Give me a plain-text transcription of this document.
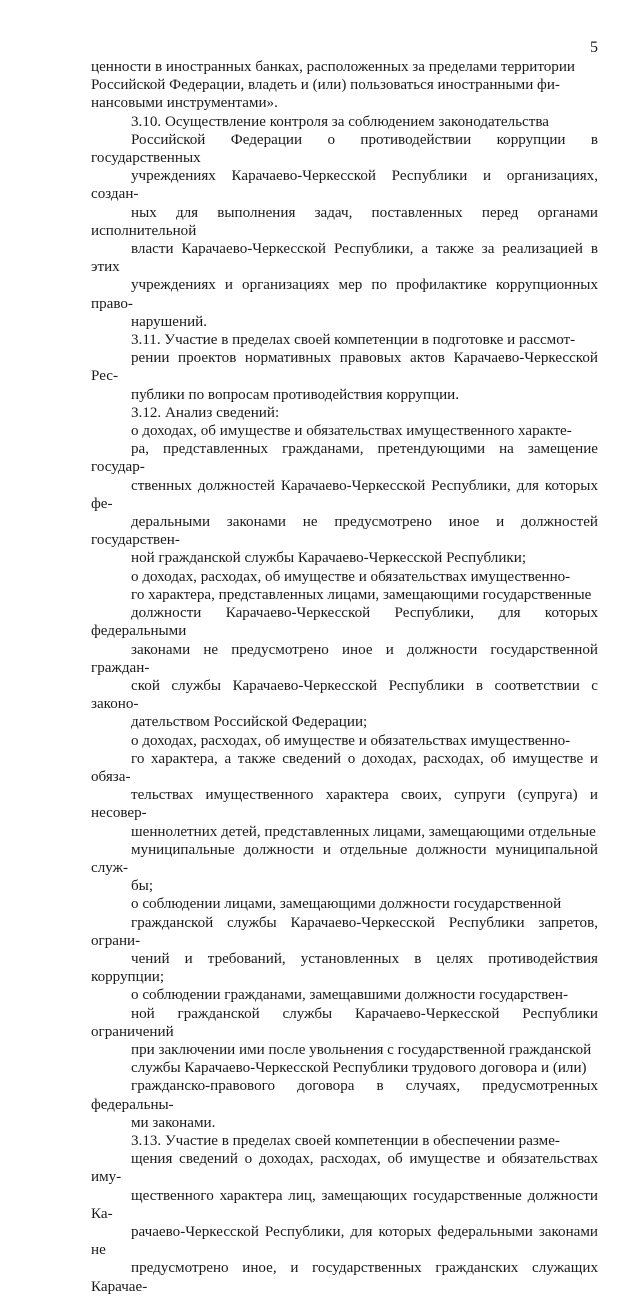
5

ценности в иностранных банках, расположенных за пределами территории
Российской Федерации, владеть и (или) пользоваться иностранными фи-
нансовыми инструментами».

3.10. Осуществление контроля за соблюдением законодательства
Российской Федерации о противодействии коррупции в государственных
учреждениях Карачаево-Черкесской Республики и организациях, создан-
ных для выполнения задач, поставленных перед органами исполнительной
власти Карачаево-Черкесской Республики, а также за реализацией в этих
учреждениях и организациях мер по профилактике коррупционных право-
нарушений.

3.11. Участие в пределах своей компетенции в подготовке и рассмот-
рении проектов нормативных правовых актов Карачаево-Черкесской Рес-
публики по вопросам противодействия коррупции.

3.12. Анализ сведений:

о доходах, об имуществе и обязательствах имущественного характе-
ра, представленных гражданами, претендующими на замещение государ-
ственных должностей Карачаево-Черкесской Республики, для которых фе-
деральными законами не предусмотрено иное и должностей государствен-
ной гражданской службы Карачаево-Черкесской Республики;

о доходах, расходах, об имуществе и обязательствах имущественно-
го характера, представленных лицами, замещающими государственные
должности Карачаево-Черкесской Республики, для которых федеральными
законами не предусмотрено иное и должности государственной граждан-
ской службы Карачаево-Черкесской Республики в соответствии с законо-
дательством Российской Федерации;

о доходах, расходах, об имуществе и обязательствах имущественно-
го характера, а также сведений о доходах, расходах, об имуществе и обяза-
тельствах имущественного характера своих, супруги (супруга) и несовер-
шеннолетних детей, представленных лицами, замещающими отдельные
муниципальные должности и отдельные должности муниципальной служ-
бы;

о соблюдении лицами, замещающими должности государственной
гражданской службы Карачаево-Черкесской Республики запретов, ограни-
чений и требований, установленных в целях противодействия коррупции;

о соблюдении гражданами, замещавшими должности государствен-
ной гражданской службы Карачаево-Черкесской Республики ограничений
при заключении ими после увольнения с государственной гражданской
службы Карачаево-Черкесской Республики трудового договора и (или)
гражданско-правового договора в случаях, предусмотренных федеральны-
ми законами.

3.13. Участие в пределах своей компетенции в обеспечении разме-
щения сведений о доходах, расходах, об имуществе и обязательствах иму-
щественного характера лиц, замещающих государственные должности Ка-
рачаево-Черкесской Республики, для которых федеральными законами не
предусмотрено иное, и государственных гражданских служащих Карачае-
